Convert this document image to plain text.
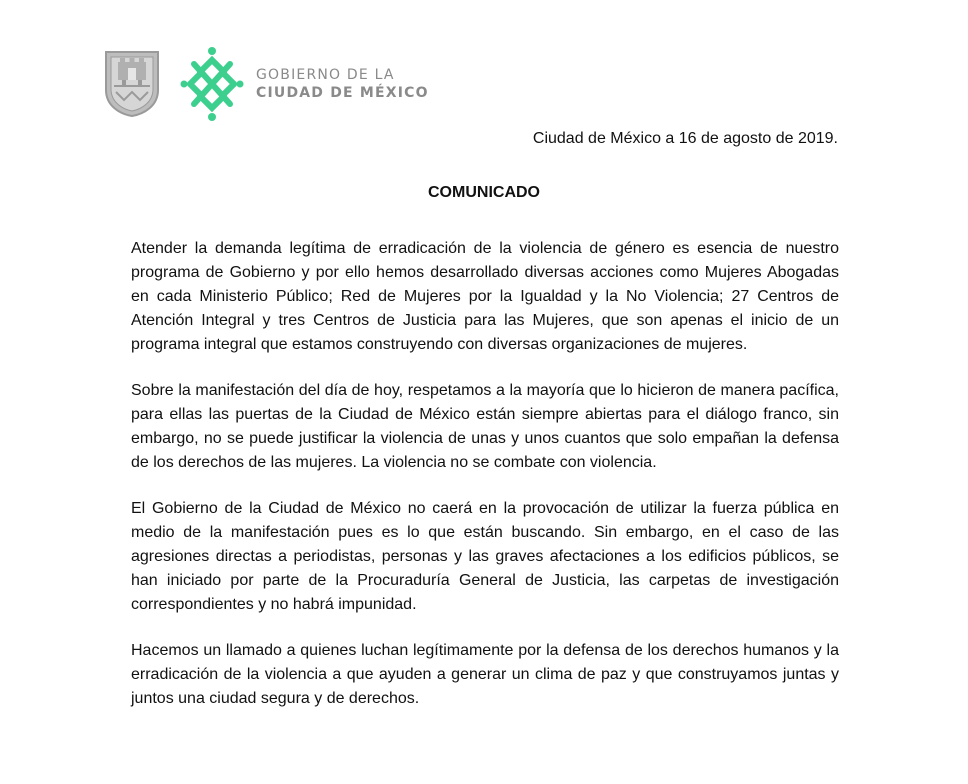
GOBIERNO DE LA
CIUDAD DE MÉXICO
Ciudad de México a 16 de agosto de 2019.
COMUNICADO

Atender la demanda legítima de erradicación de la violencia de género es esencia de nuestro programa de Gobierno y por ello hemos desarrollado diversas acciones como Mujeres Abogadas en cada Ministerio Público; Red de Mujeres por la Igualdad y la No Violencia; 27 Centros de Atención Integral y tres Centros de Justicia para las Mujeres, que son apenas el inicio de un programa integral que estamos construyendo con diversas organizaciones de mujeres.

Sobre la manifestación del día de hoy, respetamos a la mayoría que lo hicieron de manera pacífica, para ellas las puertas de la Ciudad de México están siempre abiertas para el diálogo franco, sin embargo, no se puede justificar la violencia de unas y unos cuantos que solo empañan la defensa de los derechos de las mujeres. La violencia no se combate con violencia.

El Gobierno de la Ciudad de México no caerá en la provocación de utilizar la fuerza pública en medio de la manifestación pues es lo que están buscando. Sin embargo, en el caso de las agresiones directas a periodistas, personas y las graves afectaciones a los edificios públicos, se han iniciado por parte de la Procuraduría General de Justicia, las carpetas de investigación correspondientes y no habrá impunidad.

Hacemos un llamado a quienes luchan legítimamente por la defensa de los derechos humanos y la erradicación de la violencia a que ayuden a generar un clima de paz y que construyamos juntas y juntos una ciudad segura y de derechos.
